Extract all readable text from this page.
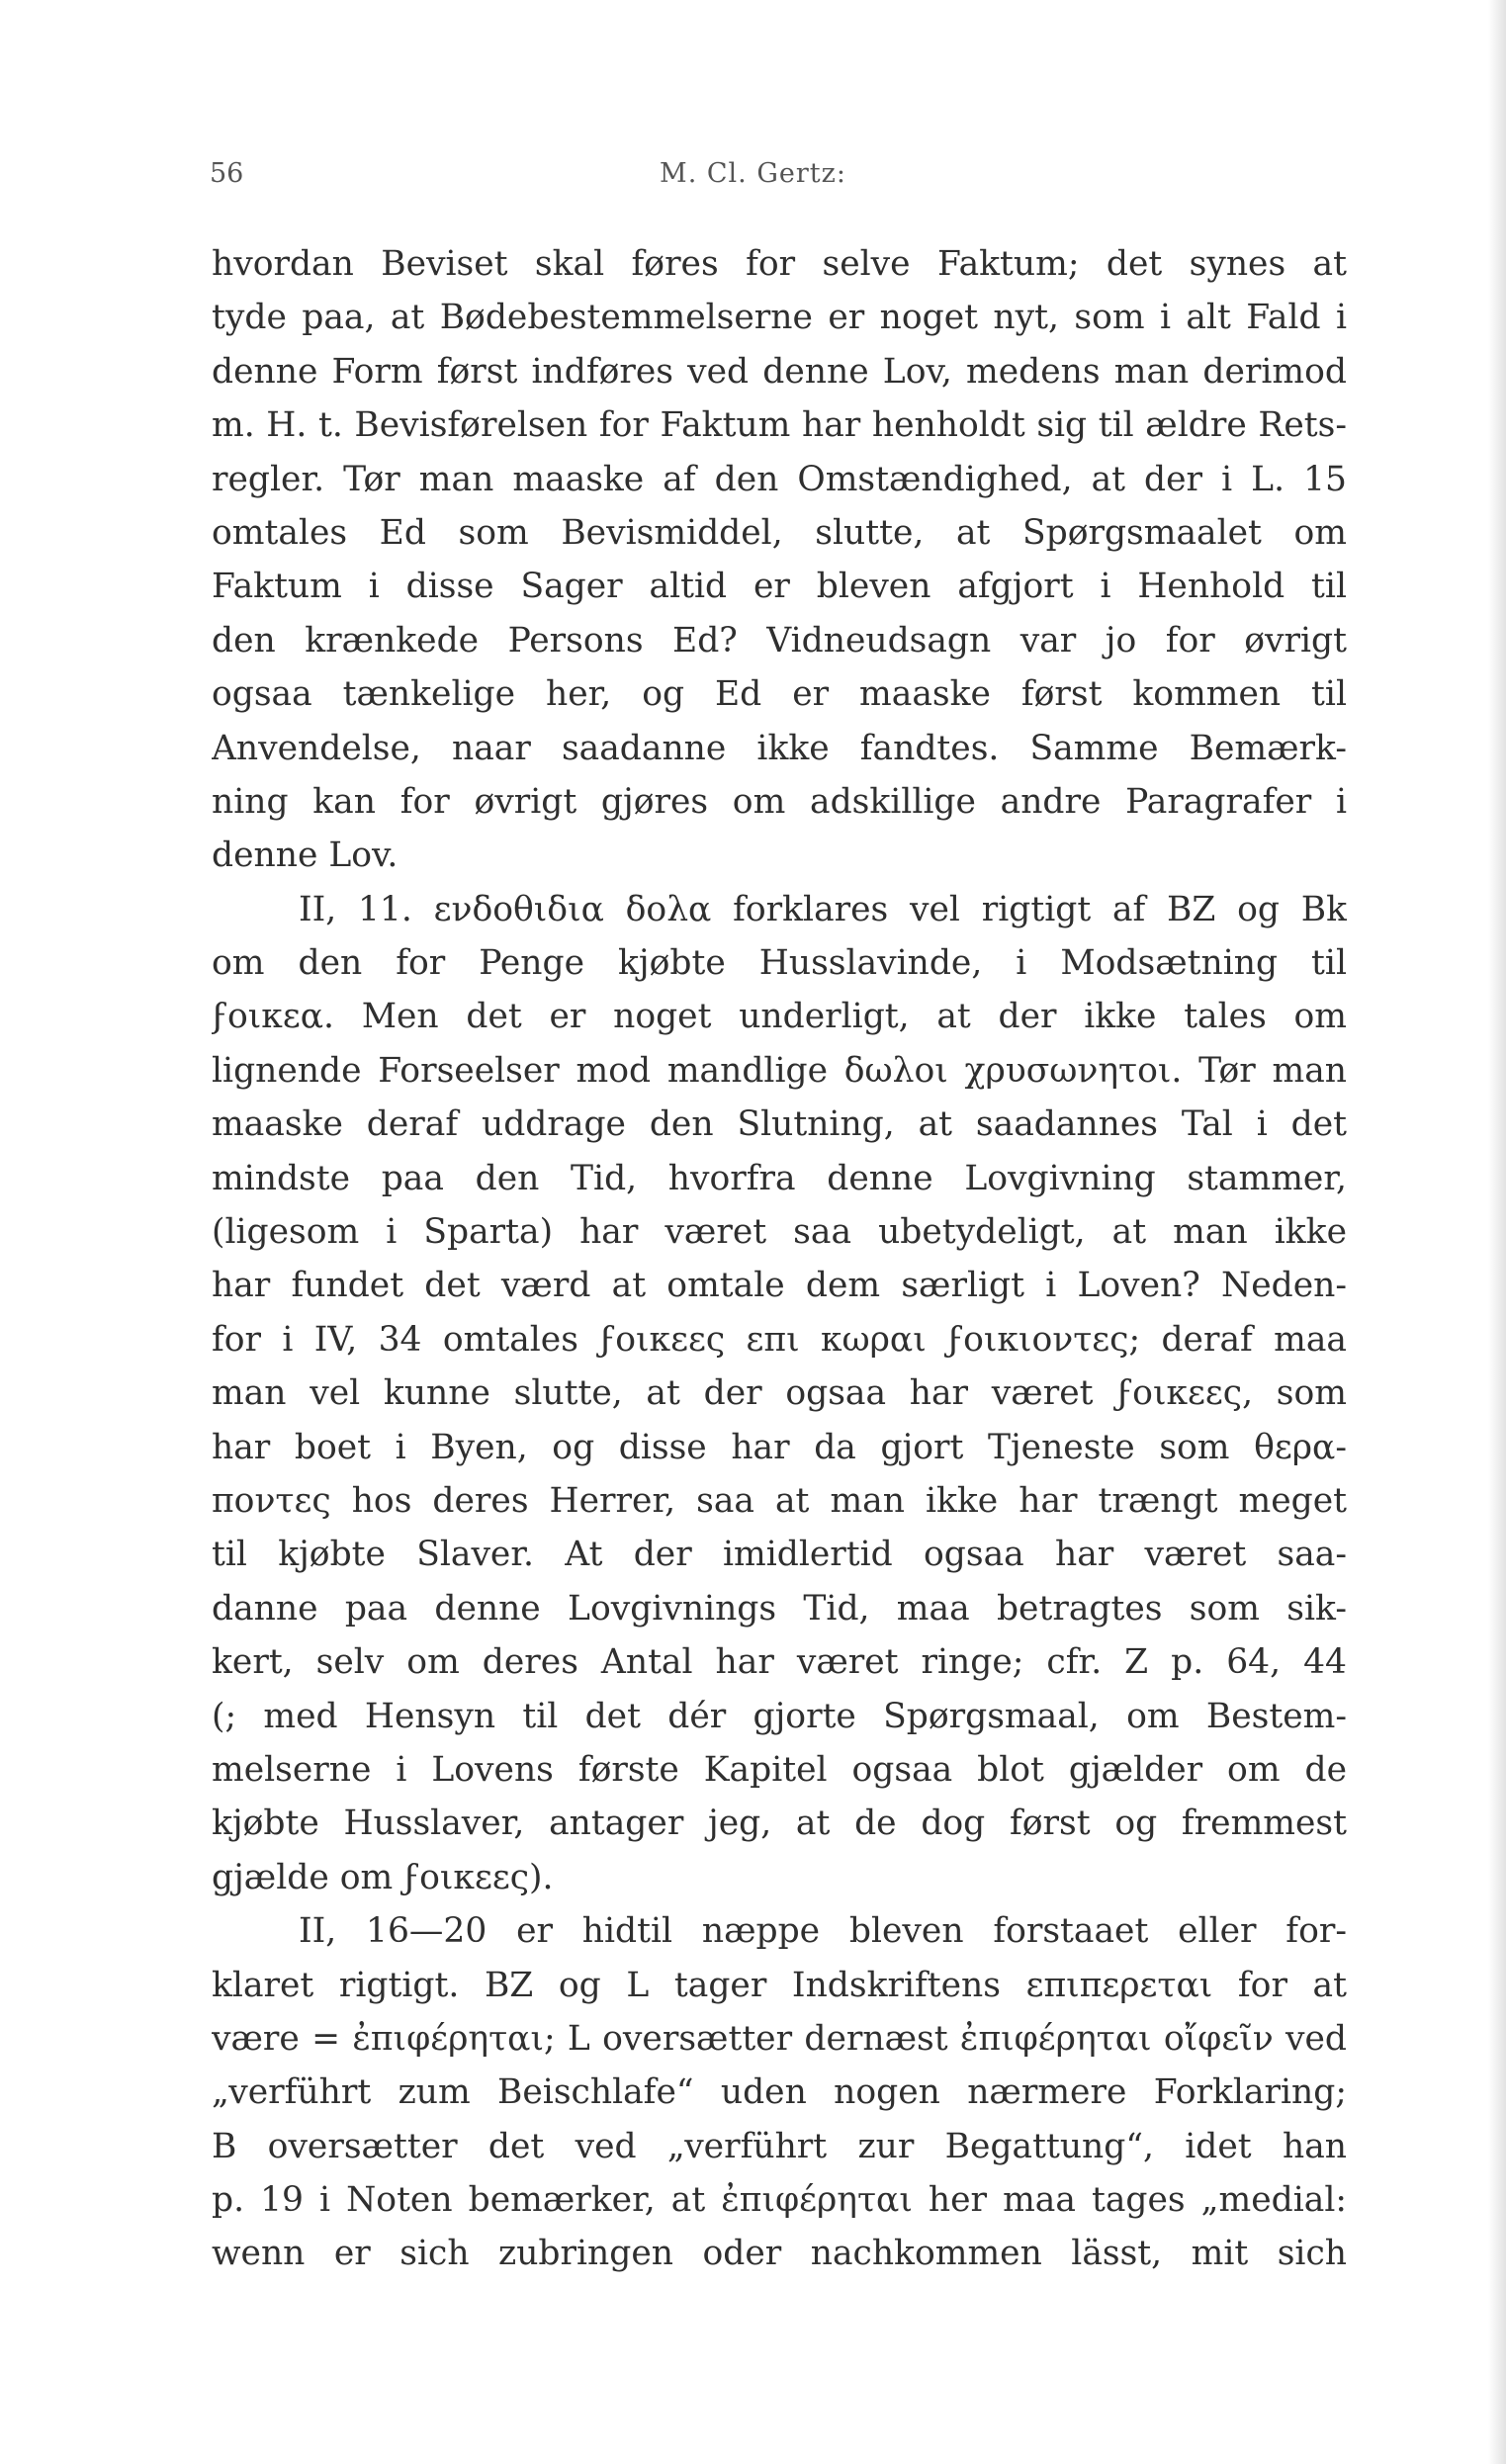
56	M. Cl. Gertz:
hvordan Beviset skal føres for selve Faktum; det synes at
tyde paa, at Bødebestemmelserne er noget nyt, som i alt Fald i
denne Form først indføres ved denne Lov, medens man derimod
m. H. t. Bevisførelsen for Faktum har henholdt sig til ældre Rets-
regler. Tør man maaske af den Omstændighed, at der i L. 15
omtales Ed som Bevismiddel, slutte, at Spørgsmaalet om
Faktum i disse Sager altid er bleven afgjort i Henhold til
den krænkede Persons Ed? Vidneudsagn var jo for øvrigt
ogsaa tænkelige her, og Ed er maaske først kommen til
Anvendelse, naar saadanne ikke fandtes. Samme Bemærk-
ning kan for øvrigt gjøres om adskillige andre Paragrafer i
denne Lov.
II, 11. ενδοθιδια δολα forklares vel rigtigt af BZ og Bk
om den for Penge kjøbte Husslavinde, i Modsætning til
ϝοικεα. Men det er noget underligt, at der ikke tales om
lignende Forseelser mod mandlige δωλοι χρυσωνητοι. Tør man
maaske deraf uddrage den Slutning, at saadannes Tal i det
mindste paa den Tid, hvorfra denne Lovgivning stammer,
(ligesom i Sparta) har været saa ubetydeligt, at man ikke
har fundet det værd at omtale dem særligt i Loven? Neden-
for i IV, 34 omtales ϝοικεες επι κωραι ϝοικιοντες; deraf maa
man vel kunne slutte, at der ogsaa har været ϝοικεες, som
har boet i Byen, og disse har da gjort Tjeneste som θερα-
ποντες hos deres Herrer, saa at man ikke har trængt meget
til kjøbte Slaver. At der imidlertid ogsaa har været saa-
danne paa denne Lovgivnings Tid, maa betragtes som sik-
kert, selv om deres Antal har været ringe; cfr. Z p. 64, 44
(; med Hensyn til det dér gjorte Spørgsmaal, om Bestem-
melserne i Lovens første Kapitel ogsaa blot gjælder om de
kjøbte Husslaver, antager jeg, at de dog først og fremmest
gjælde om ϝοικεες).
II, 16—20 er hidtil næppe bleven forstaaet eller for-
klaret rigtigt. BZ og L tager Indskriftens επιπερεται for at
være = ἐπιφέρηται; L oversætter dernæst ἐπιφέρηται οἴφεῖν ved
„verführt zum Beischlafe“ uden nogen nærmere Forklaring;
B oversætter det ved „verführt zur Begattung“, idet han
p. 19 i Noten bemærker, at ἐπιφέρηται her maa tages „medial:
wenn er sich zubringen oder nachkommen lässt, mit sich
